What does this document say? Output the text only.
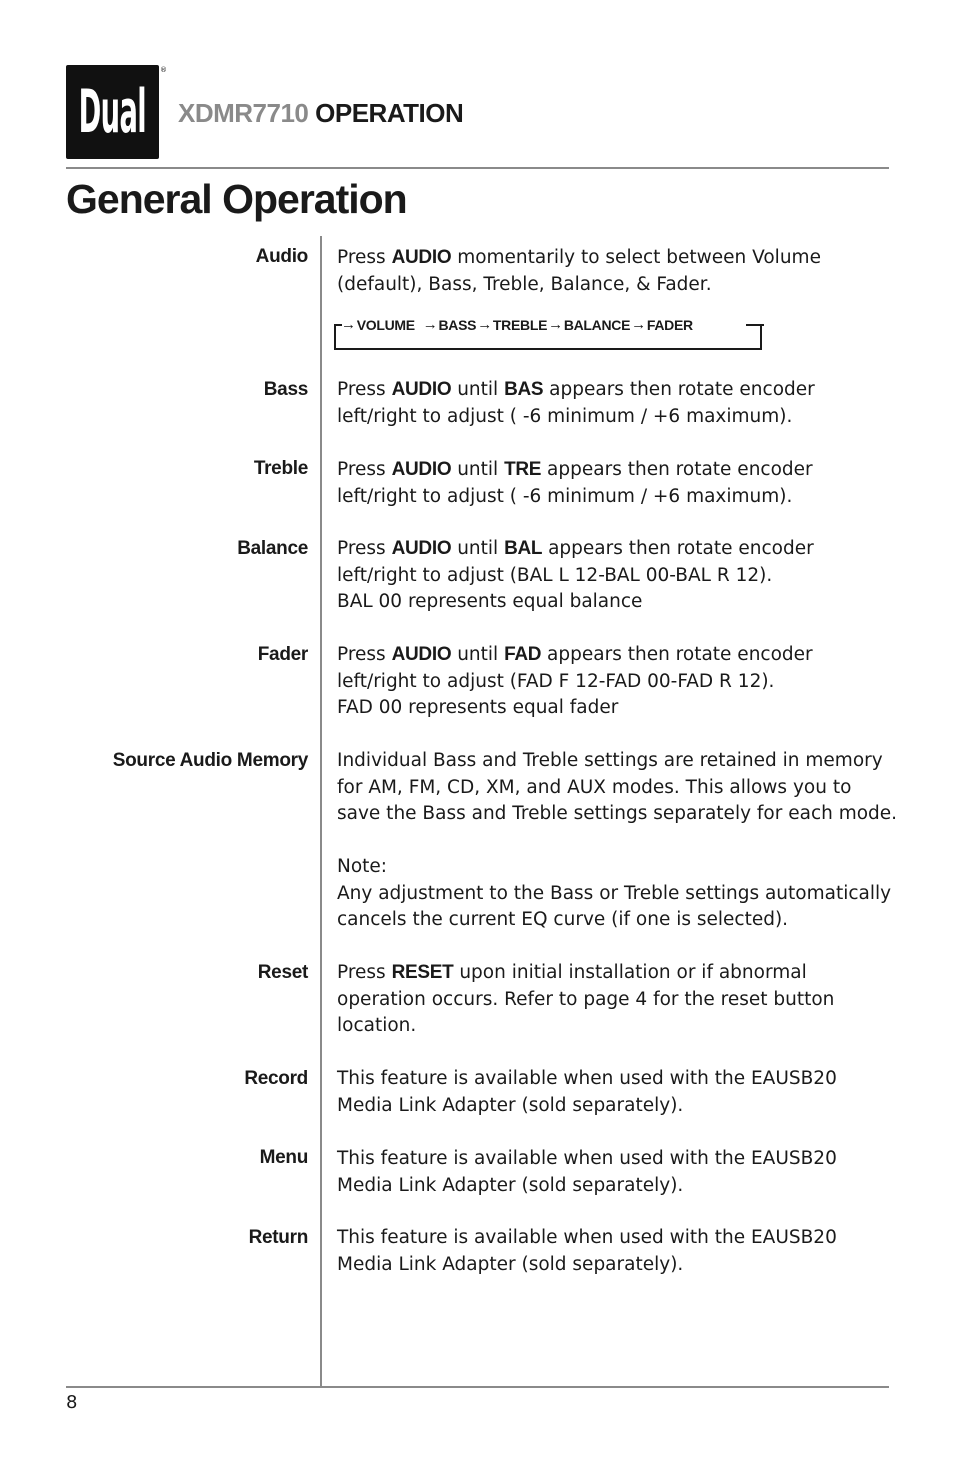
Dual
®
XDMR7710 OPERATION
General Operation
Audio Press AUDIO momentarily to select between Volume
(default), Bass, Treble, Balance, & Fader.
→ VOLUME → BASS → TREBLE → BALANCE → FADER
Bass Press AUDIO until BAS appears then rotate encoder
left/right to adjust ( -6 minimum / +6 maximum).
Treble Press AUDIO until TRE appears then rotate encoder
left/right to adjust ( -6 minimum / +6 maximum).
Balance Press AUDIO until BAL appears then rotate encoder
left/right to adjust (BAL L 12-BAL 00-BAL R 12).
BAL 00 represents equal balance
Fader Press AUDIO until FAD appears then rotate encoder
left/right to adjust (FAD F 12-FAD 00-FAD R 12).
FAD 00 represents equal fader
Source Audio Memory Individual Bass and Treble settings are retained in memory
for AM, FM, CD, XM, and AUX modes. This allows you to
save the Bass and Treble settings separately for each mode.
Note:
Any adjustment to the Bass or Treble settings automatically
cancels the current EQ curve (if one is selected).
Reset Press RESET upon initial installation or if abnormal
operation occurs. Refer to page 4 for the reset button
location.
Record This feature is available when used with the EAUSB20
Media Link Adapter (sold separately).
Menu This feature is available when used with the EAUSB20
Media Link Adapter (sold separately).
Return This feature is available when used with the EAUSB20
Media Link Adapter (sold separately).
8
